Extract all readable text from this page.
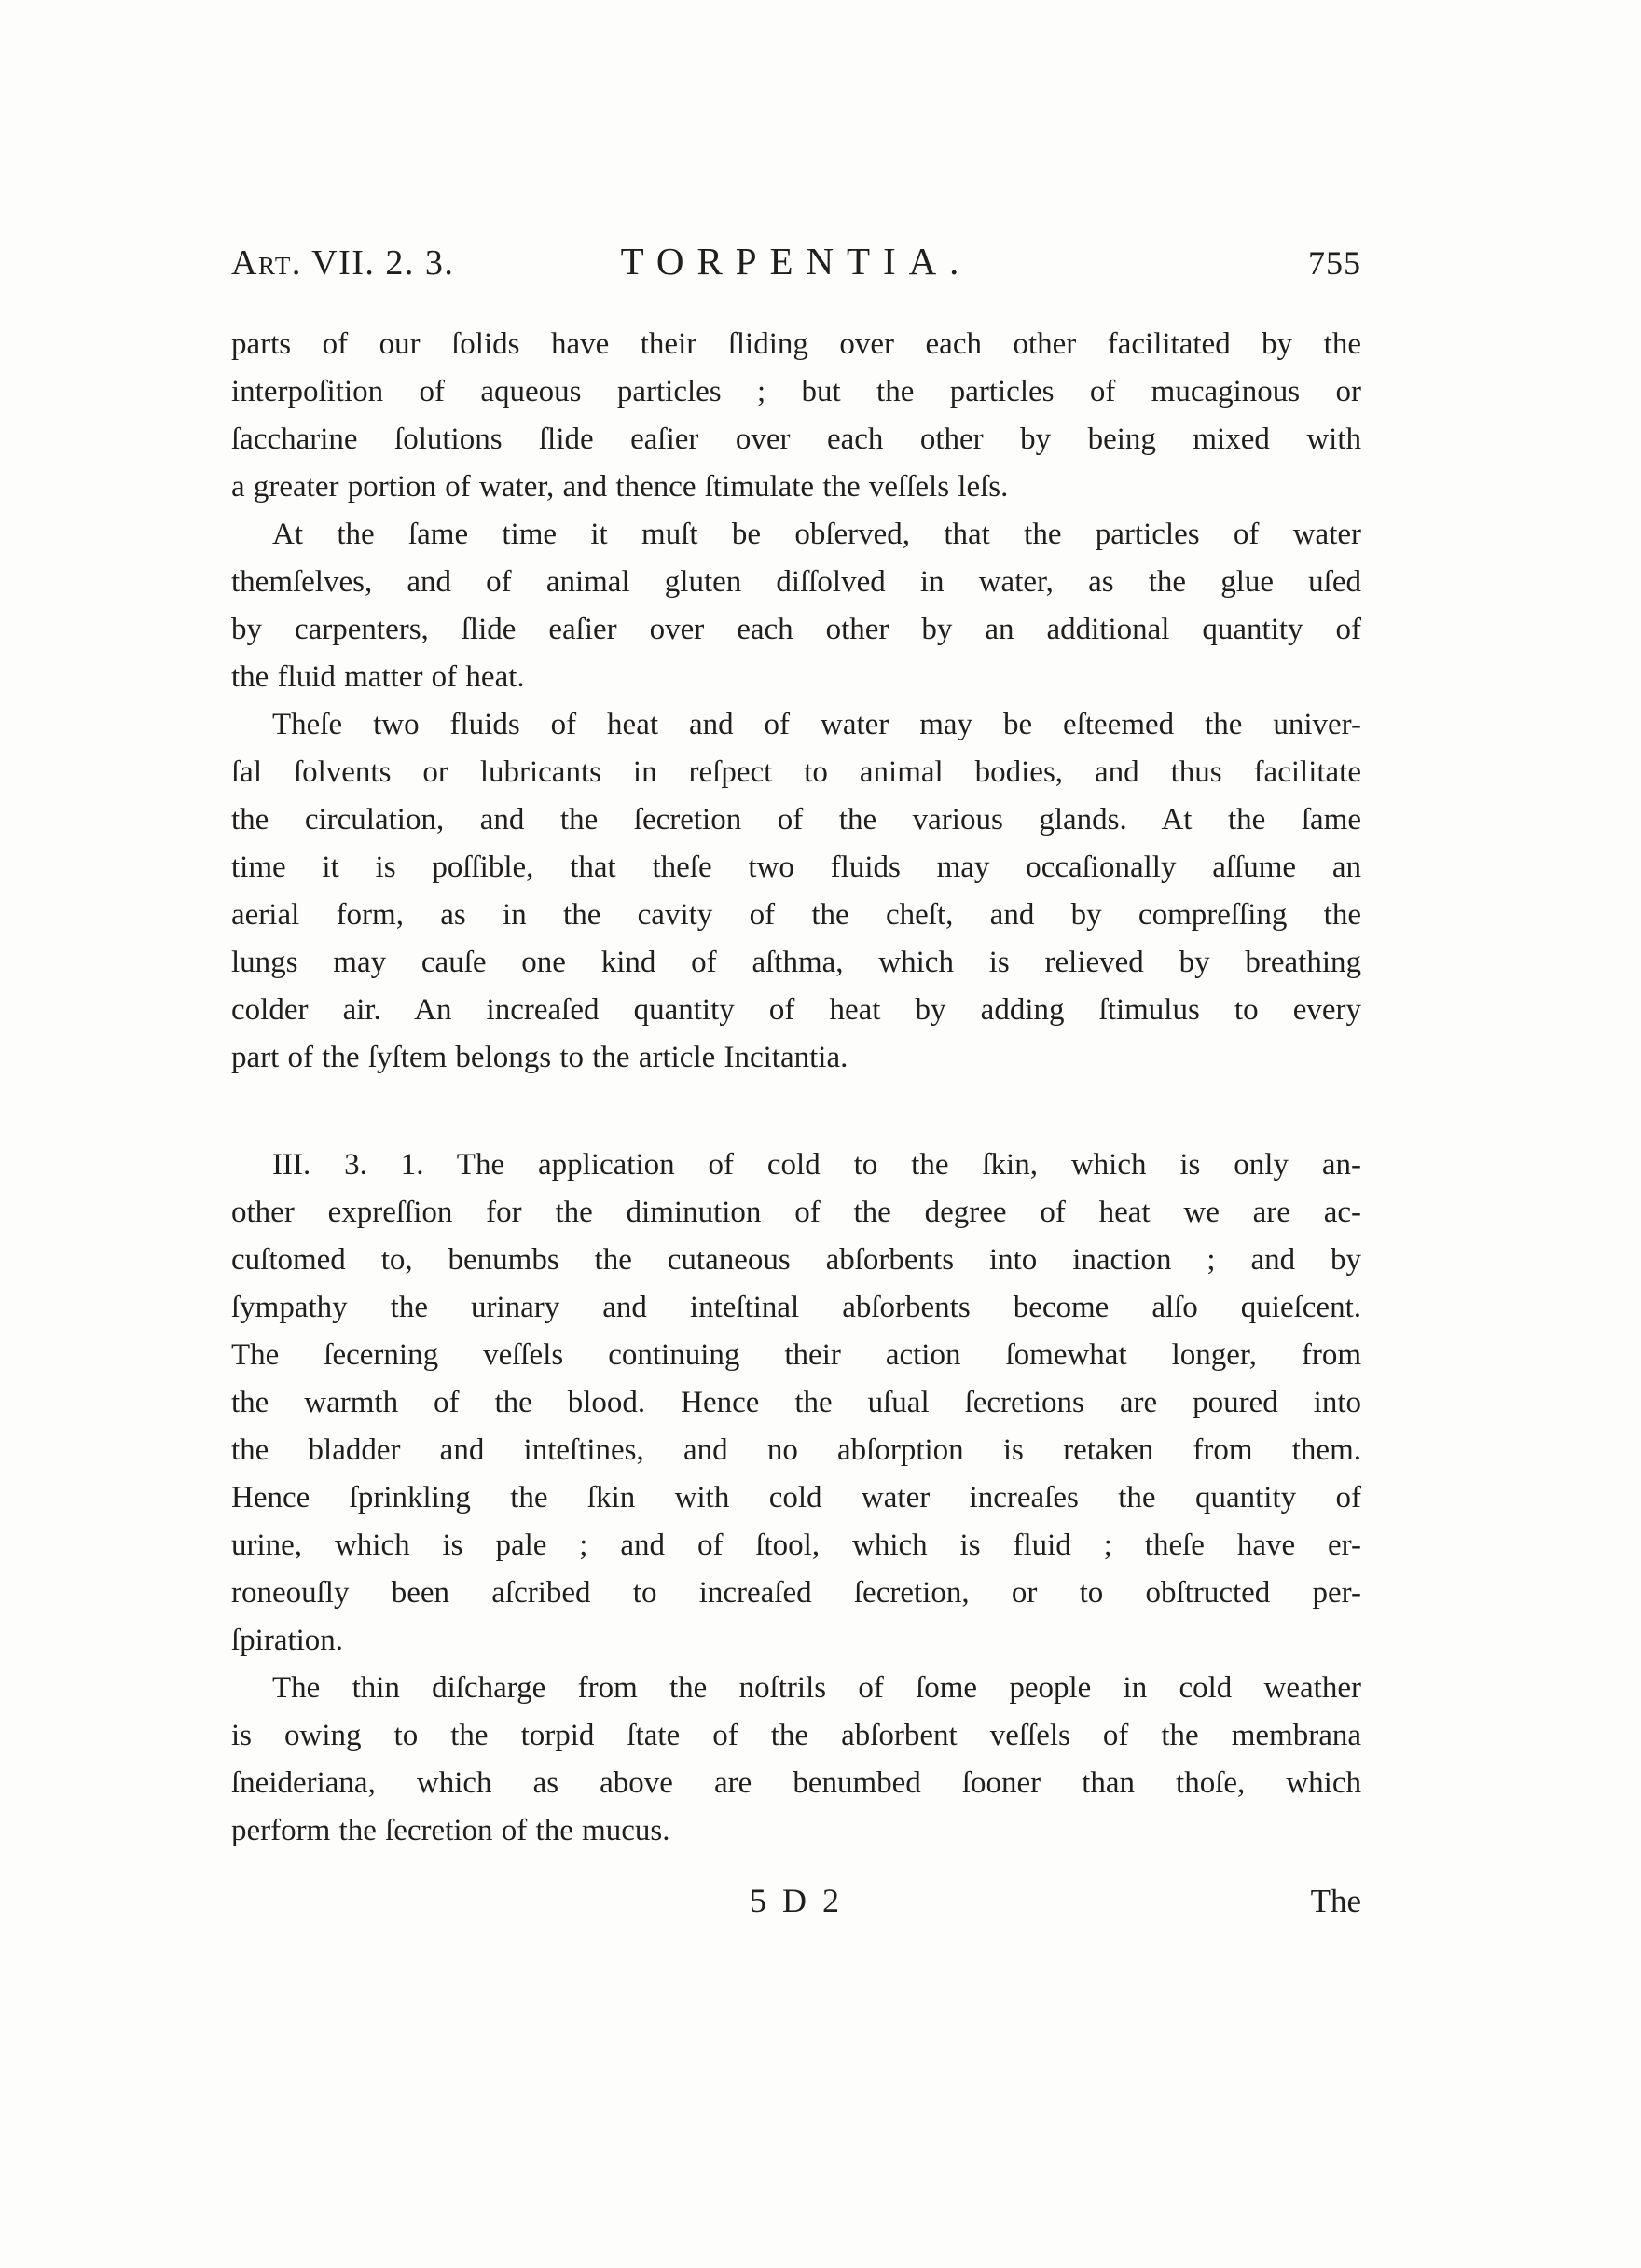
Art. VII. 2. 3.	TORPENTIA.	755
parts of our ſolids have their ſliding over each other facilitated by the
interpoſition of aqueous particles ; but the particles of mucaginous or
ſaccharine ſolutions ſlide eaſier over each other by being mixed with
a greater portion of water, and thence ſtimulate the veſſels leſs.
At the ſame time it muſt be obſerved, that the particles of water
themſelves, and of animal gluten diſſolved in water, as the glue uſed
by carpenters, ſlide eaſier over each other by an additional quantity of
the fluid matter of heat.
Theſe two fluids of heat and of water may be eſteemed the univer-
ſal ſolvents or lubricants in reſpect to animal bodies, and thus facilitate
the circulation, and the ſecretion of the various glands. At the ſame
time it is poſſible, that theſe two fluids may occaſionally aſſume an
aerial form, as in the cavity of the cheſt, and by compreſſing the
lungs may cauſe one kind of aſthma, which is relieved by breathing
colder air. An increaſed quantity of heat by adding ſtimulus to every
part of the ſyſtem belongs to the article Incitantia.
III. 3. 1. The application of cold to the ſkin, which is only an-
other expreſſion for the diminution of the degree of heat we are ac-
cuſtomed to, benumbs the cutaneous abſorbents into inaction ; and by
ſympathy the urinary and inteſtinal abſorbents become alſo quieſcent.
The ſecerning veſſels continuing their action ſomewhat longer, from
the warmth of the blood. Hence the uſual ſecretions are poured into
the bladder and inteſtines, and no abſorption is retaken from them.
Hence ſprinkling the ſkin with cold water increaſes the quantity of
urine, which is pale ; and of ſtool, which is fluid ; theſe have er-
roneouſly been aſcribed to increaſed ſecretion, or to obſtructed per-
ſpiration.
The thin diſcharge from the noſtrils of ſome people in cold weather
is owing to the torpid ſtate of the abſorbent veſſels of the membrana
ſneideriana, which as above are benumbed ſooner than thoſe, which
perform the ſecretion of the mucus.
5 D 2	The
